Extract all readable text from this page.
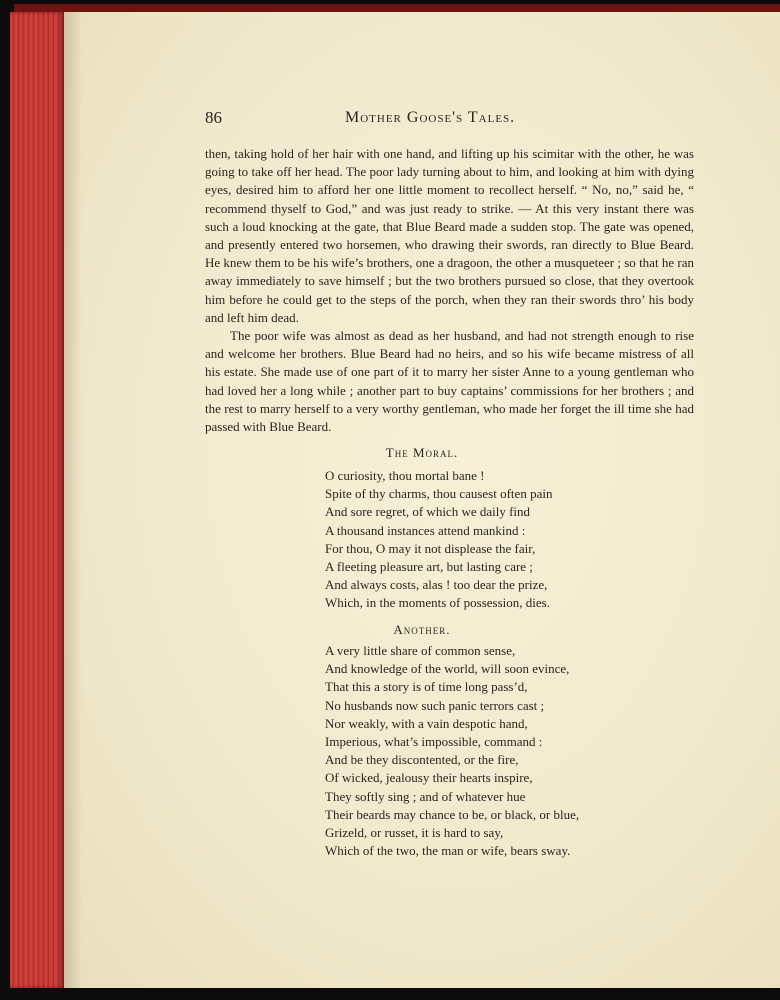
86	Mother Goose's Tales.

then, taking hold of her hair with one hand, and lifting up his scimitar with the other, he was going to take off her head. The poor lady turning about to him, and looking at him with dying eyes, desired him to afford her one little moment to recollect herself. “ No, no,” said he, “ recommend thyself to God,” and was just ready to strike. — At this very instant there was such a loud knocking at the gate, that Blue Beard made a sudden stop. The gate was opened, and presently entered two horsemen, who drawing their swords, ran directly to Blue Beard. He knew them to be his wife’s brothers, one a dragoon, the other a musqueteer ; so that he ran away immediately to save himself ; but the two brothers pursued so close, that they overtook him before he could get to the steps of the porch, when they ran their swords thro’ his body and left him dead.

The poor wife was almost as dead as her husband, and had not strength enough to rise and welcome her brothers. Blue Beard had no heirs, and so his wife became mistress of all his estate. She made use of one part of it to marry her sister Anne to a young gentleman who had loved her a long while ; another part to buy captains’ commissions for her brothers ; and the rest to marry herself to a very worthy gentleman, who made her forget the ill time she had passed with Blue Beard.

The Moral.
O curiosity, thou mortal bane !
Spite of thy charms, thou causest often pain
And sore regret, of which we daily find
A thousand instances attend mankind :
For thou, O may it not displease the fair,
A fleeting pleasure art, but lasting care ;
And always costs, alas ! too dear the prize,
Which, in the moments of possession, dies.
Another.
A very little share of common sense,
And knowledge of the world, will soon evince,
That this a story is of time long pass’d,
No husbands now such panic terrors cast ;
Nor weakly, with a vain despotic hand,
Imperious, what’s impossible, command :
And be they discontented, or the fire,
Of wicked, jealousy their hearts inspire,
They softly sing ; and of whatever hue
Their beards may chance to be, or black, or blue,
Grizeld, or russet, it is hard to say,
Which of the two, the man or wife, bears sway.
